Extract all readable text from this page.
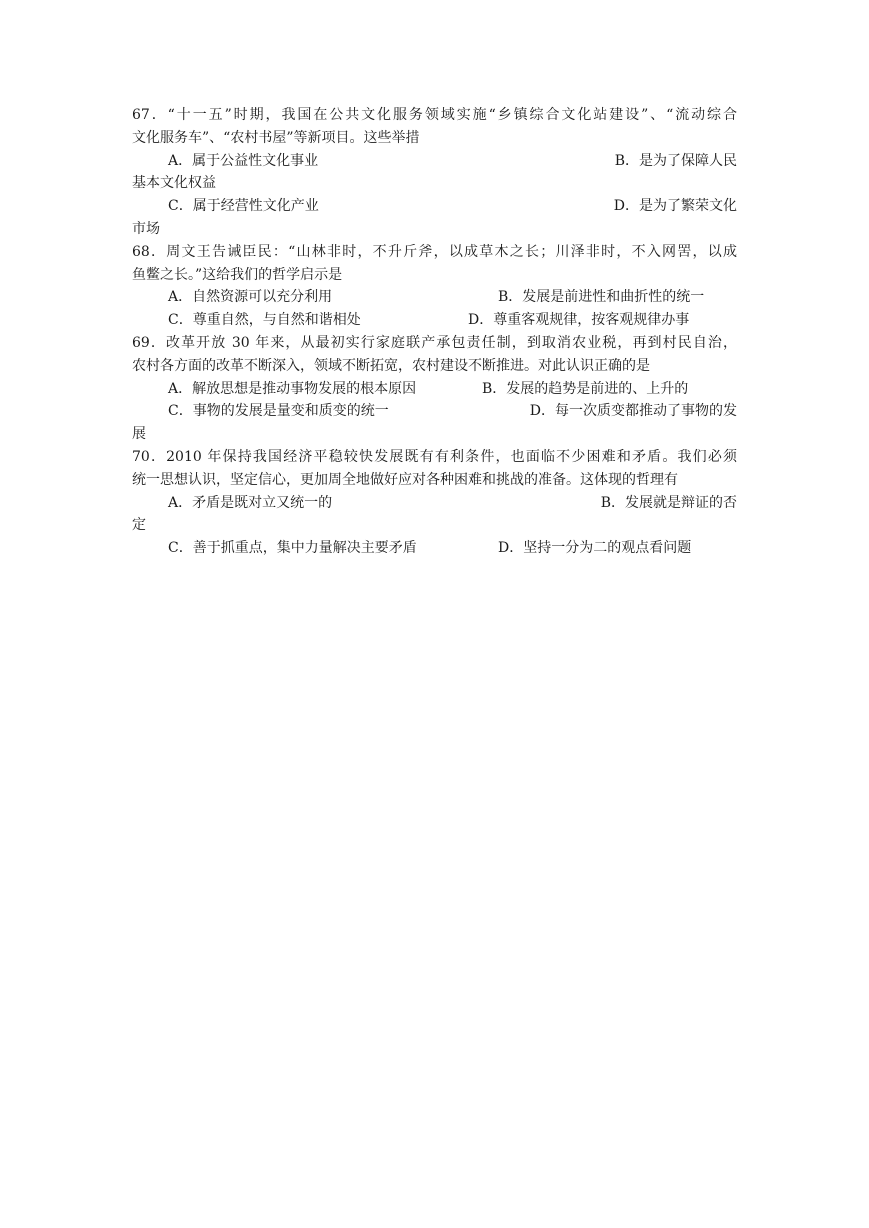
67．“十一五”时期，我国在公共文化服务领域实施“乡镇综合文化站建设”、“流动综合
文化服务车”、“农村书屋”等新项目。这些举措
A．属于公益性文化事业	B．是为了保障人民
基本文化权益
C．属于经营性文化产业	D．是为了繁荣文化
市场
68．周文王告诫臣民：“山林非时，不升斤斧，以成草木之长；川泽非时，不入网罟，以成
鱼鳖之长。”这给我们的哲学启示是
A．自然资源可以充分利用	B．发展是前进性和曲折性的统一
C．尊重自然，与自然和谐相处	D．尊重客观规律，按客观规律办事
69．改革开放 30 年来，从最初实行家庭联产承包责任制，到取消农业税，再到村民自治，
农村各方面的改革不断深入，领域不断拓宽，农村建设不断推进。对此认识正确的是
A．解放思想是推动事物发展的根本原因	B．发展的趋势是前进的、上升的
C．事物的发展是量变和质变的统一	D．每一次质变都推动了事物的发
展
70．2010 年保持我国经济平稳较快发展既有有利条件，也面临不少困难和矛盾。我们必须
统一思想认识，坚定信心，更加周全地做好应对各种困难和挑战的准备。这体现的哲理有
A．矛盾是既对立又统一的	B．发展就是辩证的否
定
C．善于抓重点，集中力量解决主要矛盾	D．坚持一分为二的观点看问题
